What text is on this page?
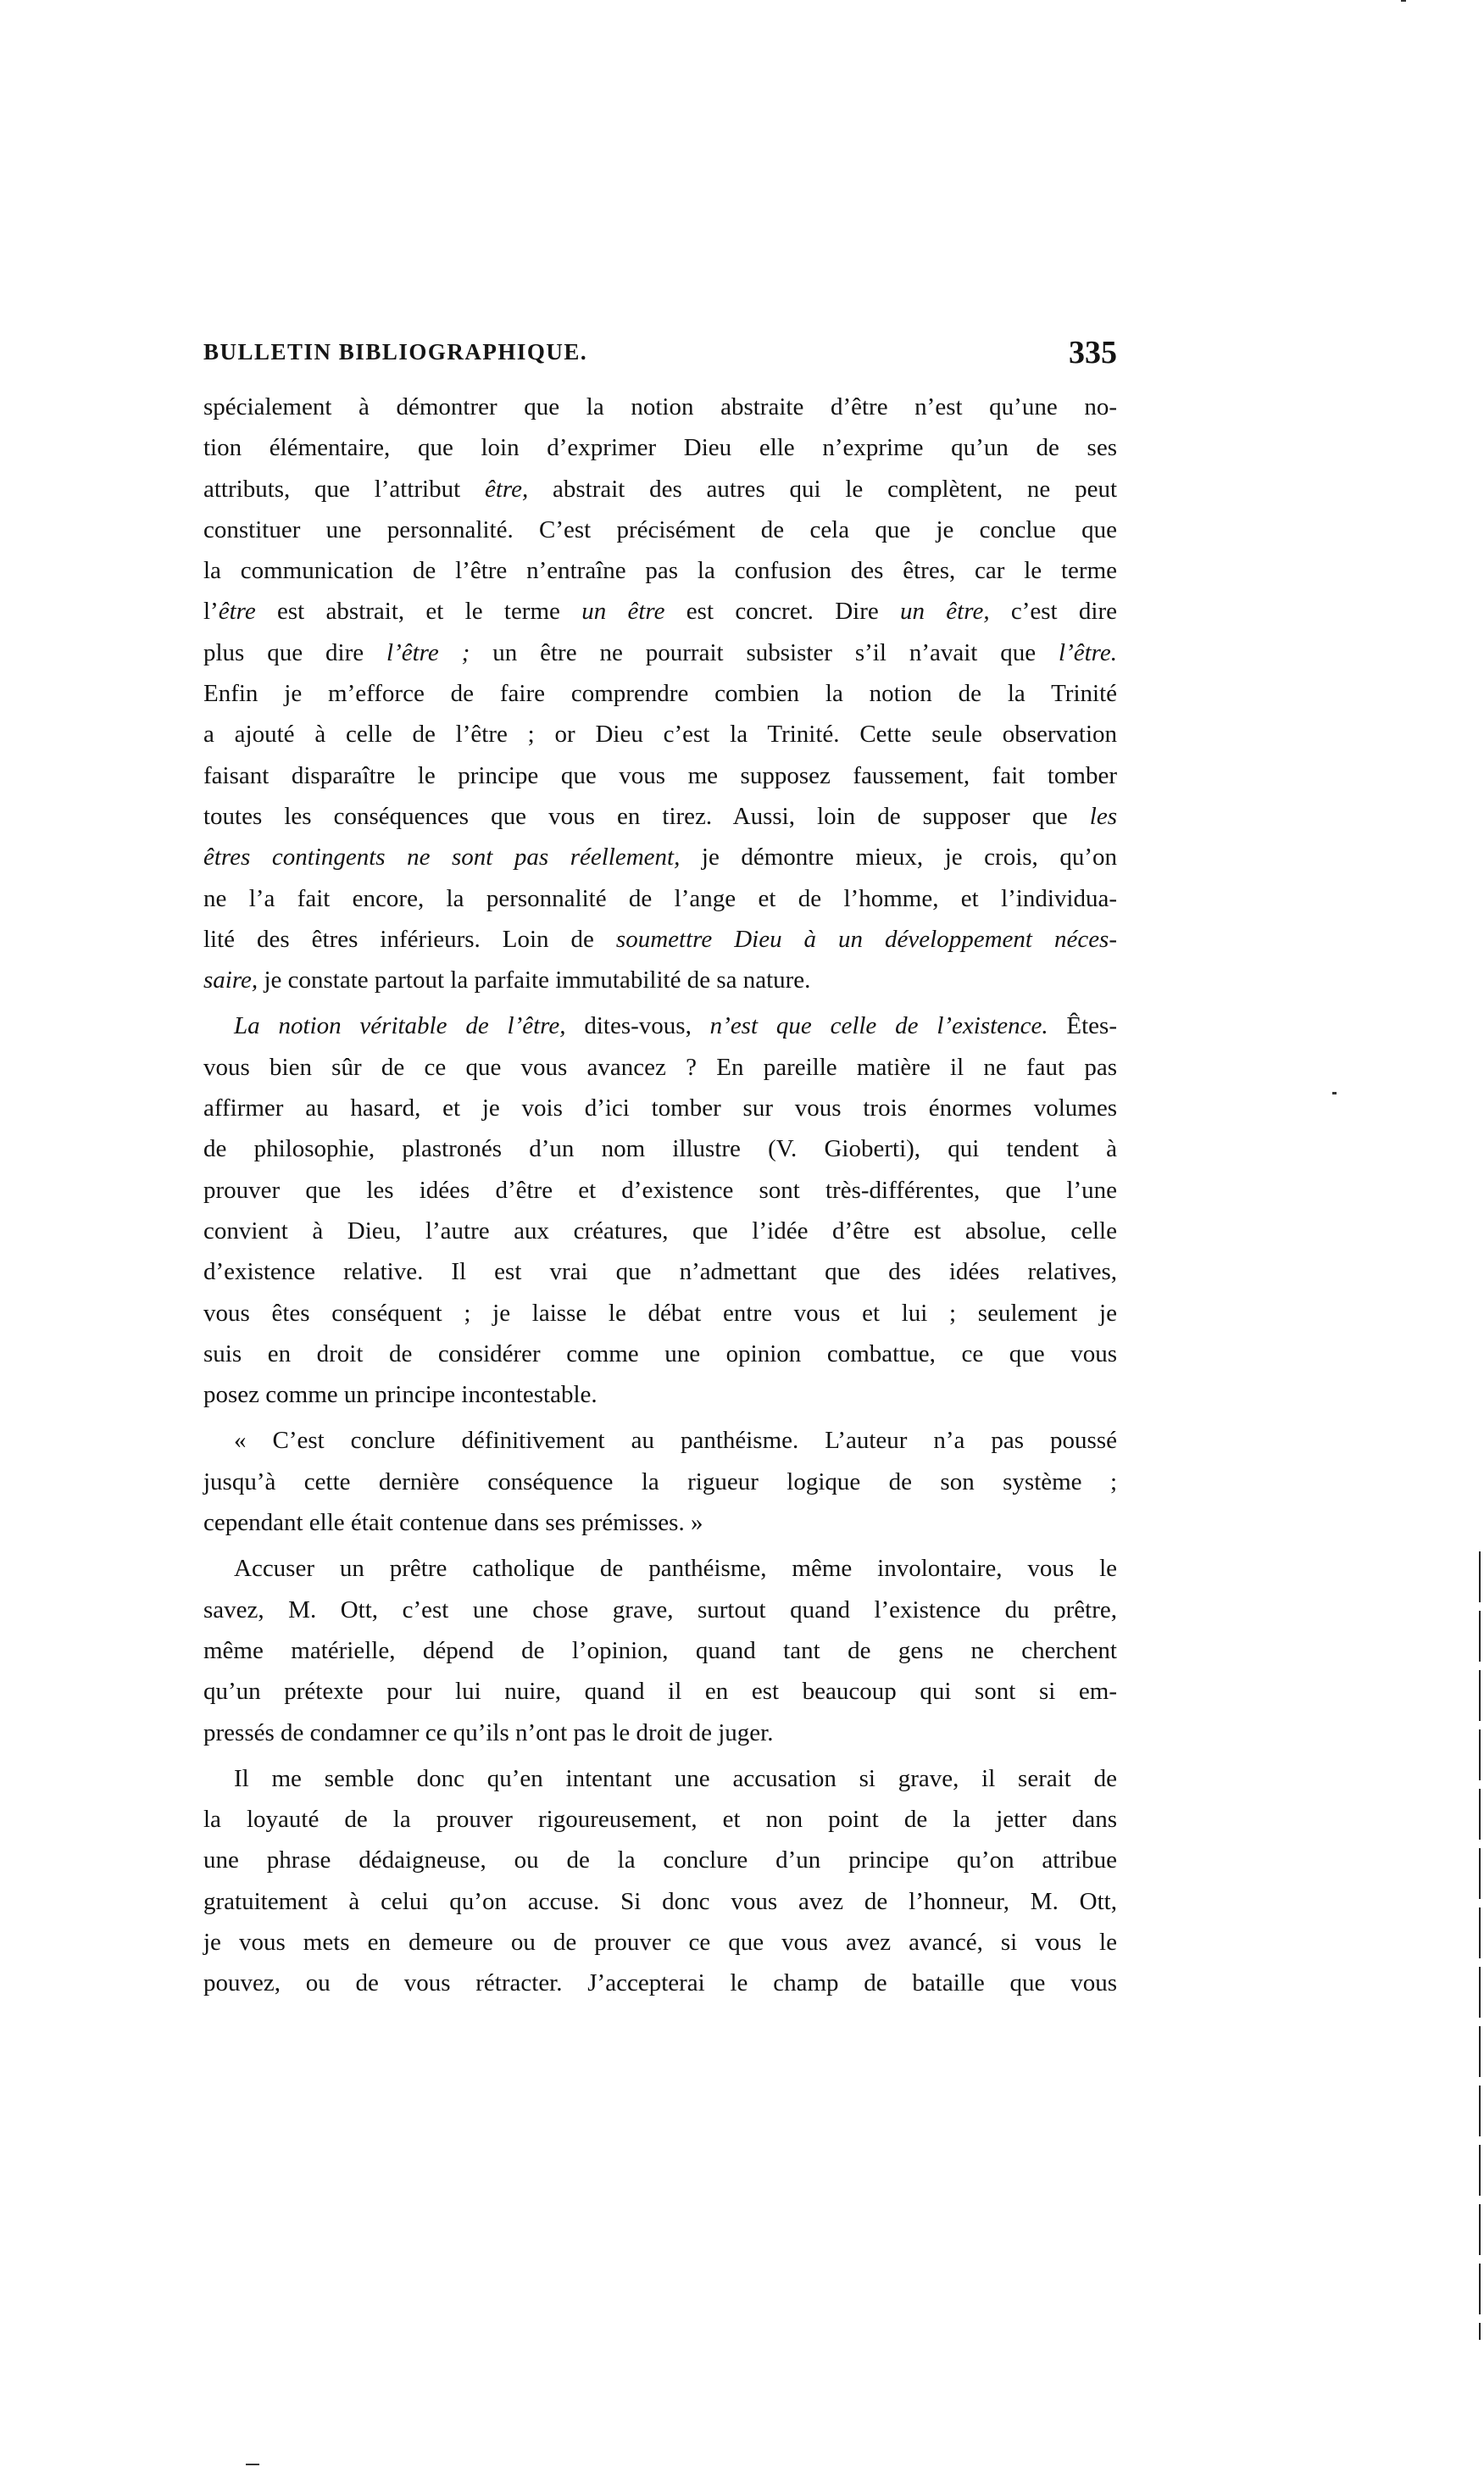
BULLETIN BIBLIOGRAPHIQUE.	335
spécialement à démontrer que la notion abstraite d’être n’est qu’une no-
tion élémentaire, que loin d’exprimer Dieu elle n’exprime qu’un de ses
attributs, que l’attribut être, abstrait des autres qui le complètent, ne peut
constituer une personnalité. C’est précisément de cela que je conclue que
la communication de l’être n’entraîne pas la confusion des êtres, car le terme
l’être est abstrait, et le terme un être est concret. Dire un être, c’est dire
plus que dire l’être ; un être ne pourrait subsister s’il n’avait que l’être.
Enfin je m’efforce de faire comprendre combien la notion de la Trinité
a ajouté à celle de l’être ; or Dieu c’est la Trinité. Cette seule observation
faisant disparaître le principe que vous me supposez faussement, fait tomber
toutes les conséquences que vous en tirez. Aussi, loin de supposer que les
êtres contingents ne sont pas réellement, je démontre mieux, je crois, qu’on
ne l’a fait encore, la personnalité de l’ange et de l’homme, et l’individua-
lité des êtres inférieurs. Loin de soumettre Dieu à un développement néces-
saire, je constate partout la parfaite immutabilité de sa nature.
La notion véritable de l’être, dites-vous, n’est que celle de l’existence. Êtes-
vous bien sûr de ce que vous avancez ? En pareille matière il ne faut pas
affirmer au hasard, et je vois d’ici tomber sur vous trois énormes volumes
de philosophie, plastronés d’un nom illustre (V. Gioberti), qui tendent à
prouver que les idées d’être et d’existence sont très-différentes, que l’une
convient à Dieu, l’autre aux créatures, que l’idée d’être est absolue, celle
d’existence relative. Il est vrai que n’admettant que des idées relatives,
vous êtes conséquent ; je laisse le débat entre vous et lui ; seulement je
suis en droit de considérer comme une opinion combattue, ce que vous
posez comme un principe incontestable.
« C’est conclure définitivement au panthéisme. L’auteur n’a pas poussé
jusqu’à cette dernière conséquence la rigueur logique de son système ;
cependant elle était contenue dans ses prémisses. »
Accuser un prêtre catholique de panthéisme, même involontaire, vous le
savez, M. Ott, c’est une chose grave, surtout quand l’existence du prêtre,
même matérielle, dépend de l’opinion, quand tant de gens ne cherchent
qu’un prétexte pour lui nuire, quand il en est beaucoup qui sont si em-
pressés de condamner ce qu’ils n’ont pas le droit de juger.
Il me semble donc qu’en intentant une accusation si grave, il serait de
la loyauté de la prouver rigoureusement, et non point de la jetter dans
une phrase dédaigneuse, ou de la conclure d’un principe qu’on attribue
gratuitement à celui qu’on accuse. Si donc vous avez de l’honneur, M. Ott,
je vous mets en demeure ou de prouver ce que vous avez avancé, si vous le
pouvez, ou de vous rétracter. J’accepterai le champ de bataille que vous
